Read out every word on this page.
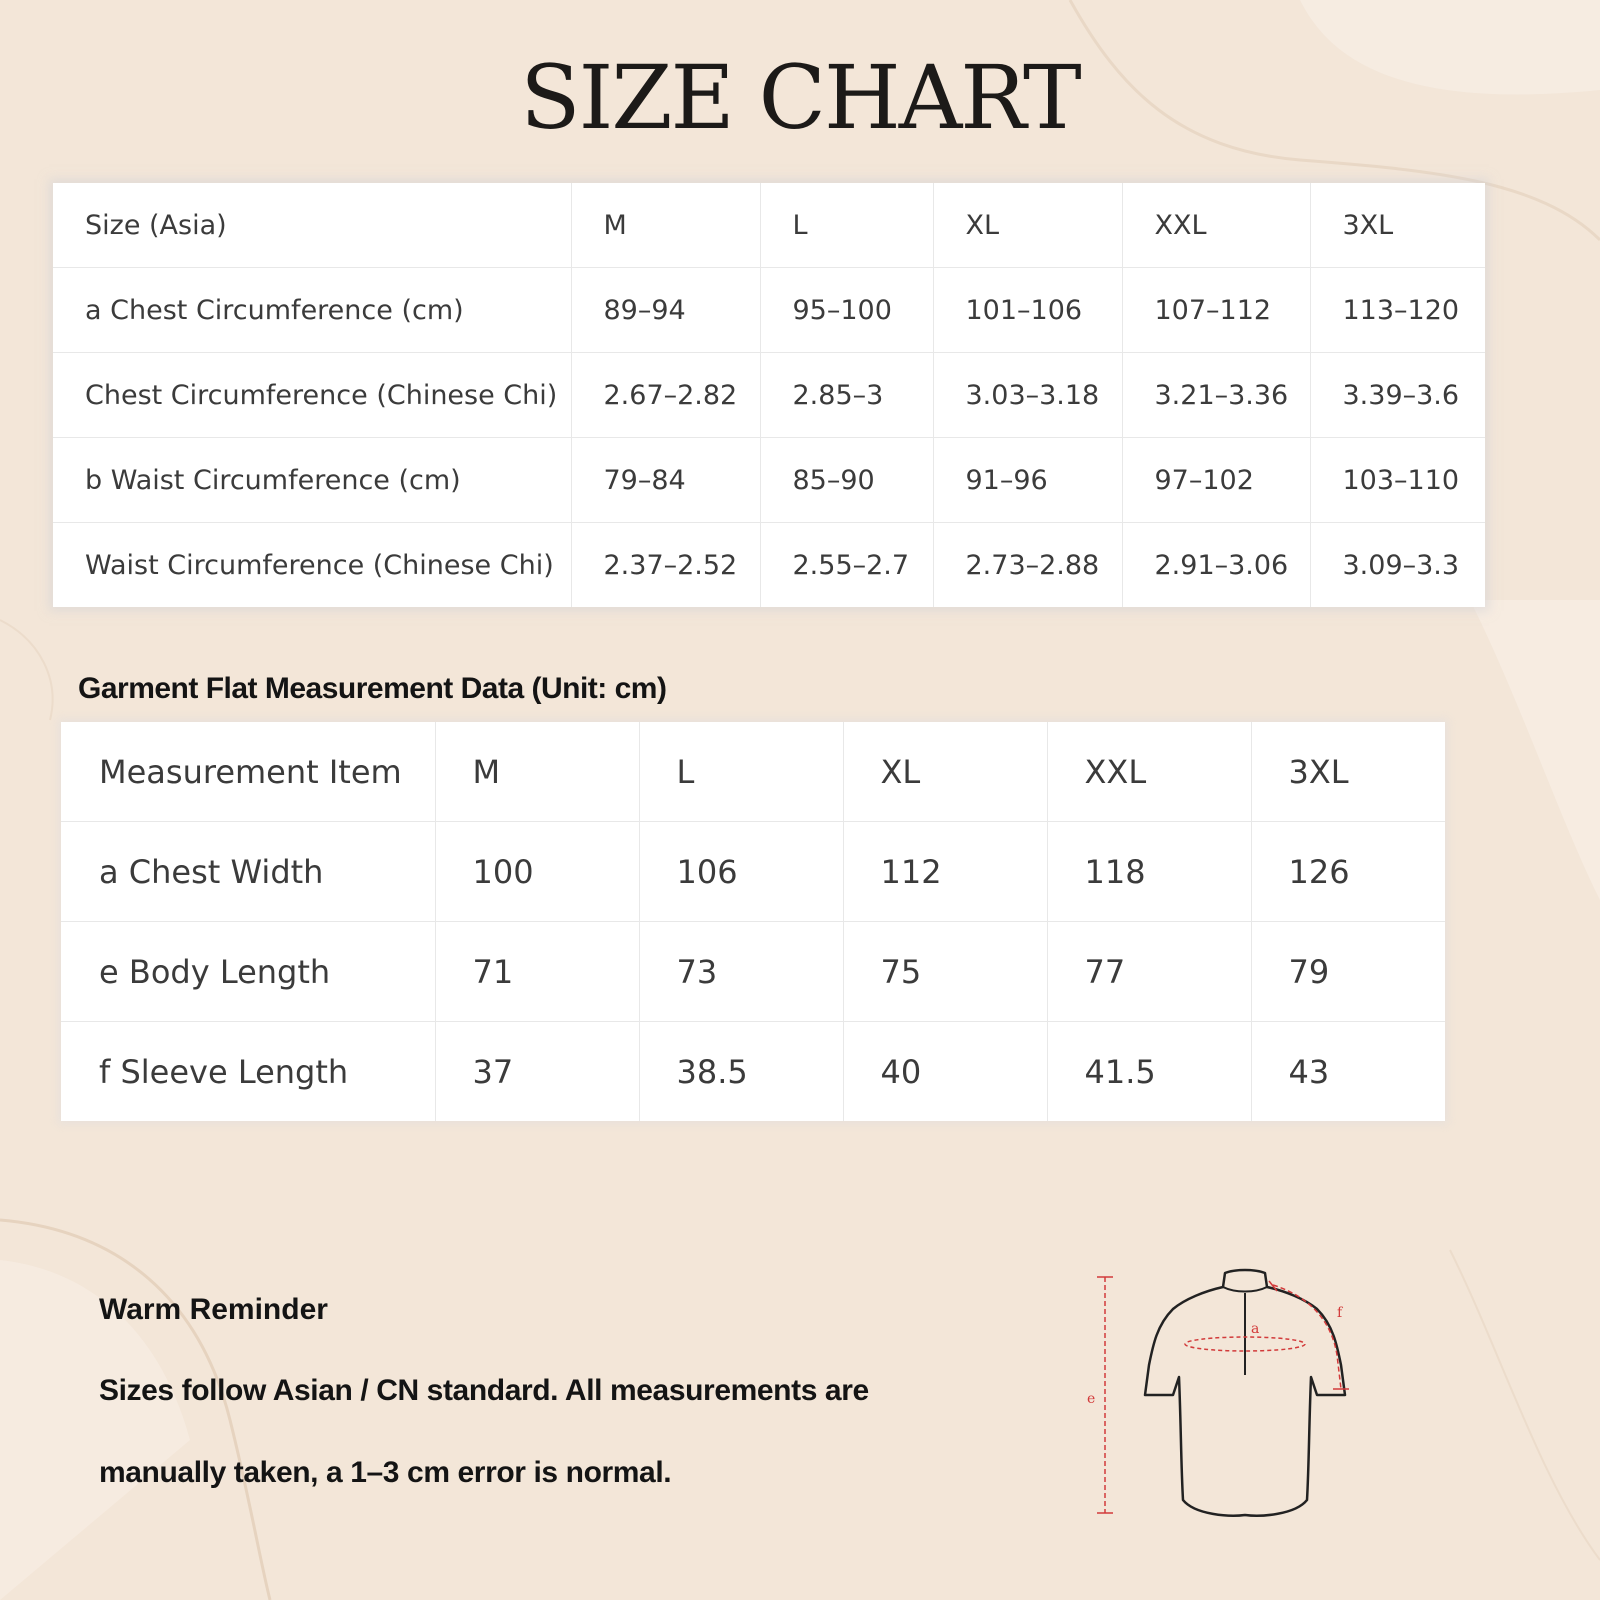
SIZE CHART
Size (Asia)	M	L	XL	XXL	3XL
a Chest Circumference (cm)	89–94	95–100	101–106	107–112	113–120
Chest Circumference (Chinese Chi)	2.67–2.82	2.85–3	3.03–3.18	3.21–3.36	3.39–3.6
b Waist Circumference (cm)	79–84	85–90	91–96	97–102	103–110
Waist Circumference (Chinese Chi)	2.37–2.52	2.55–2.7	2.73–2.88	2.91–3.06	3.09–3.3
Garment Flat Measurement Data (Unit: cm)
Measurement Item	M	L	XL	XXL	3XL
a Chest Width	100	106	112	118	126
e Body Length	71	73	75	77	79
f Sleeve Length	37	38.5	40	41.5	43
Warm Reminder
Sizes follow Asian / CN standard. All measurements are
manually taken, a 1–3 cm error is normal.
a
e
f
